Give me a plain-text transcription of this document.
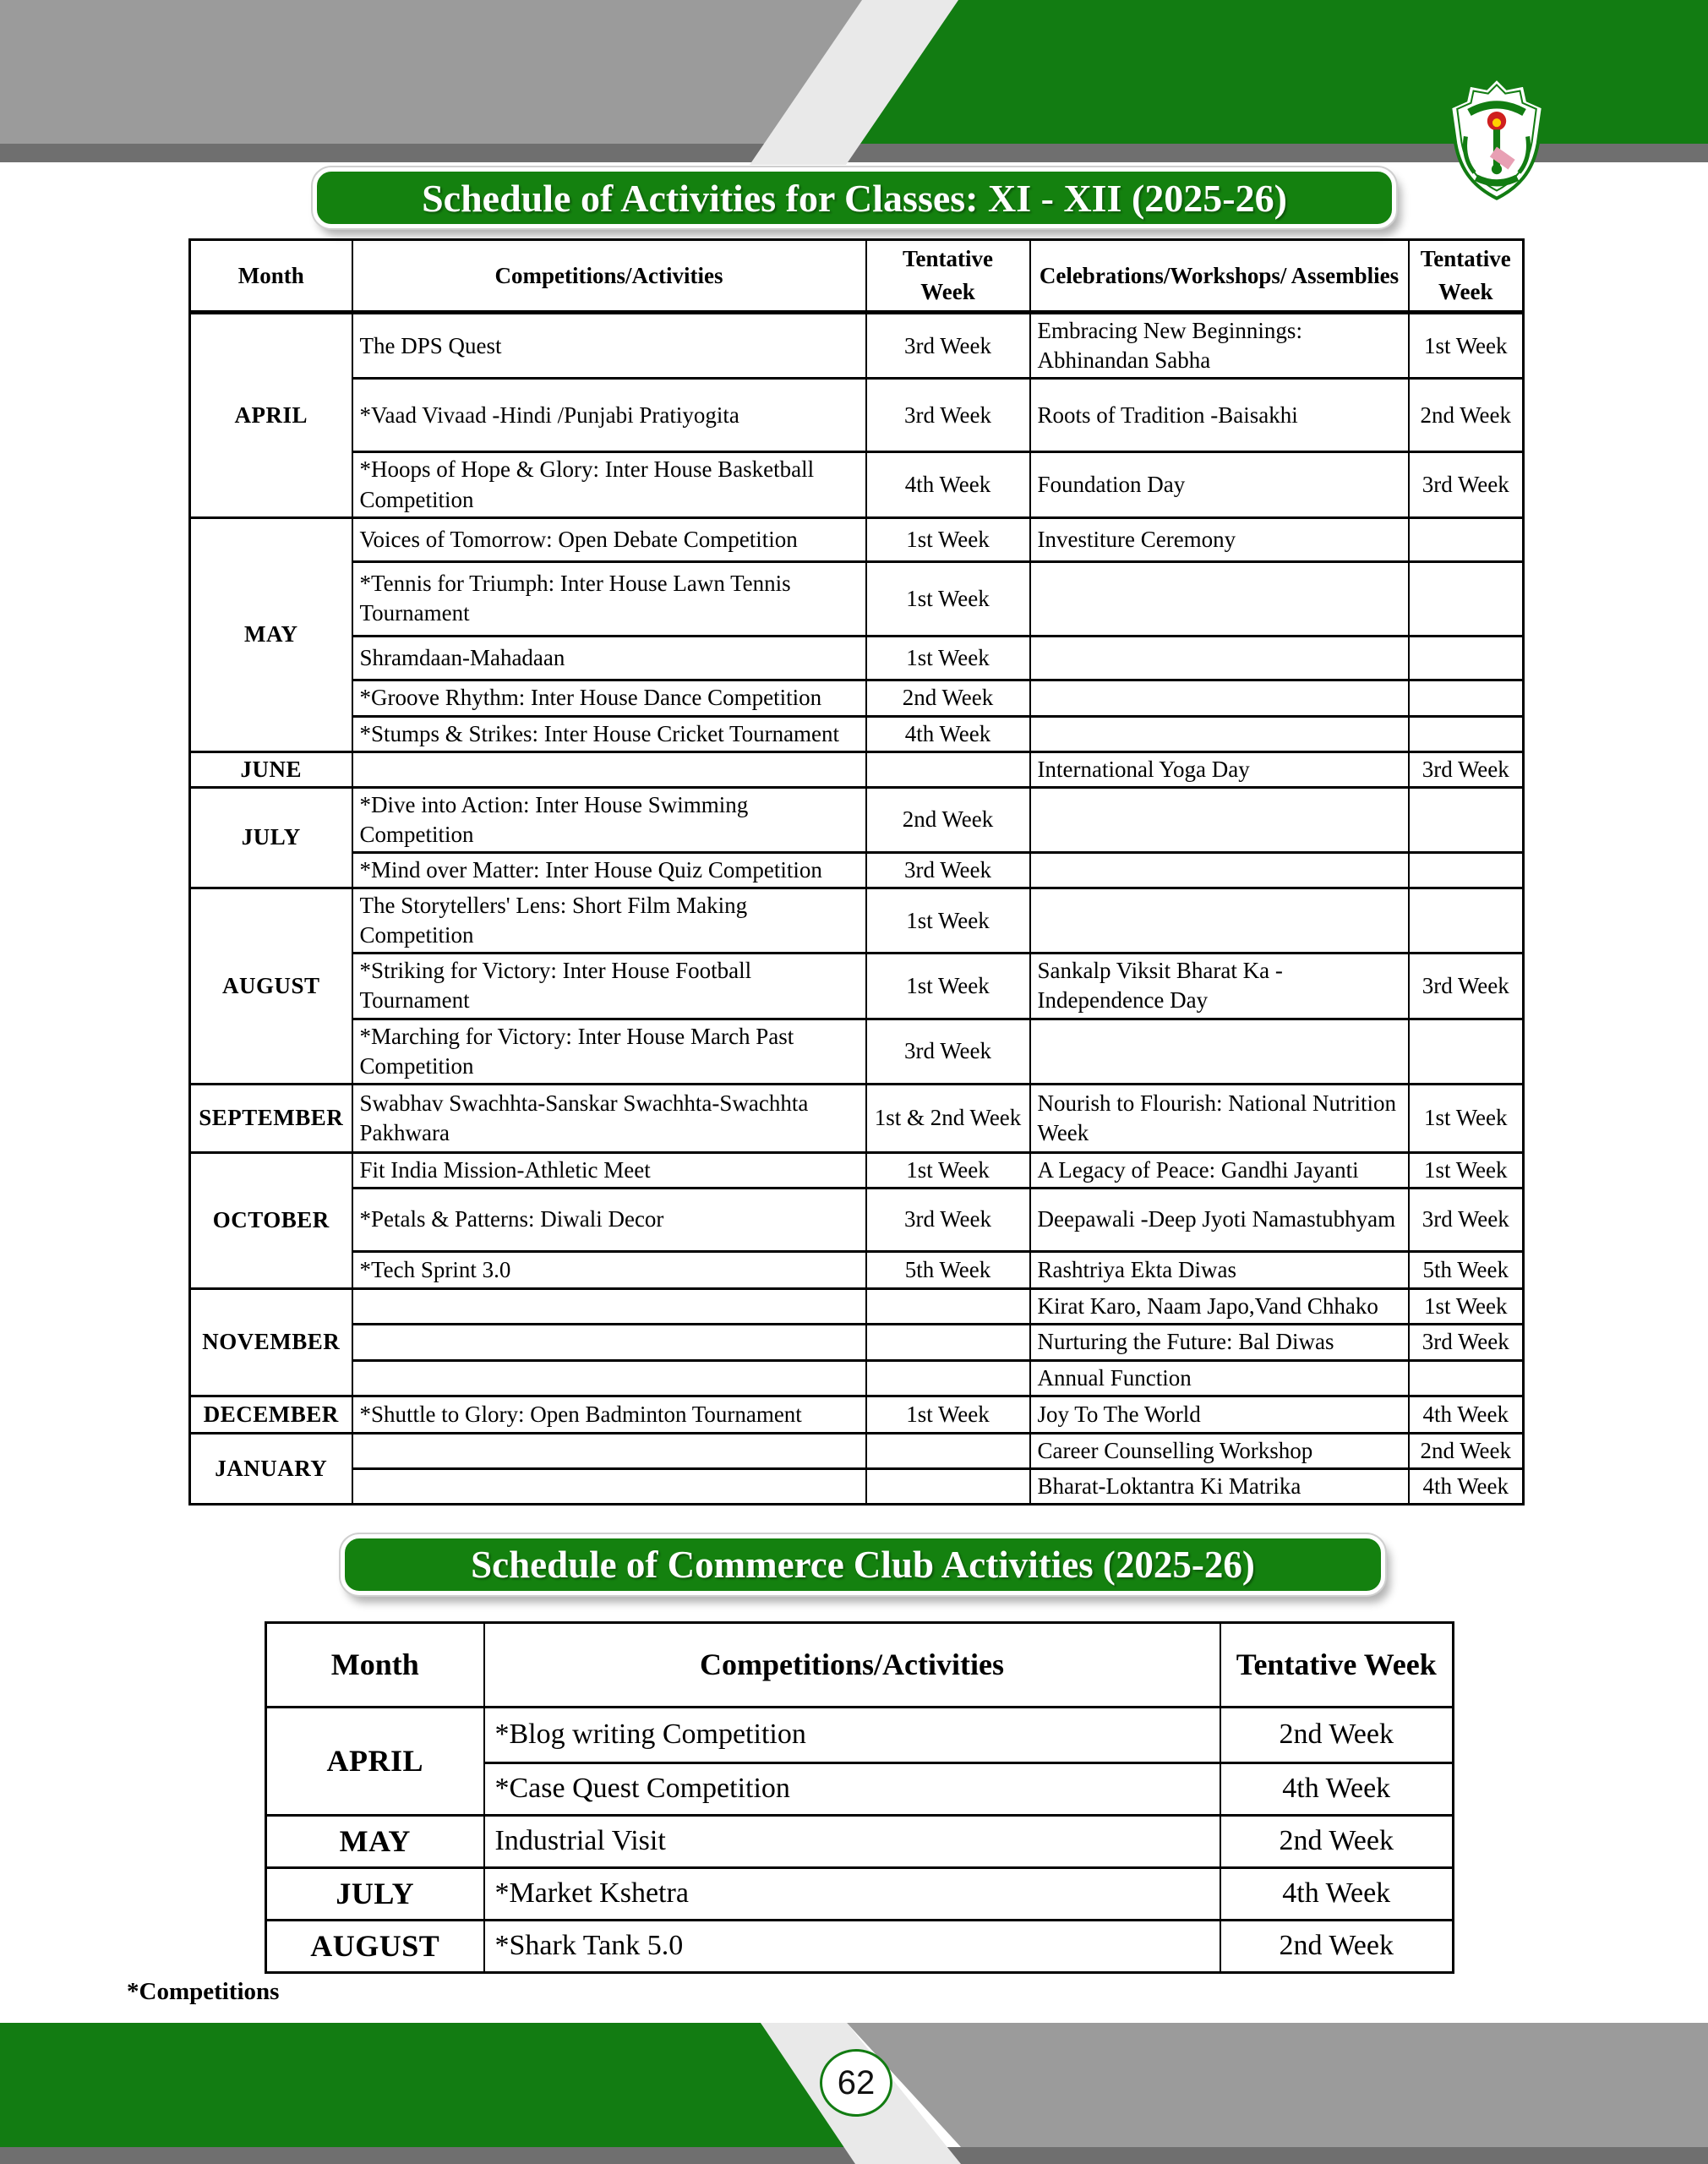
Schedule of Activities for Classes: XI - XII (2025-26)
Schedule of Commerce Club Activities (2025-26)
Month	Competitions/Activities	Tentative Week	Celebrations/Workshops/ Assemblies	Tentative Week
APRIL	The DPS Quest	3rd Week	Embracing New Beginnings: Abhinandan Sabha	1st Week
	*Vaad Vivaad -Hindi /Punjabi Pratiyogita	3rd Week	Roots of Tradition -Baisakhi	2nd Week
	*Hoops of Hope & Glory: Inter House Basketball Competition	4th Week	Foundation Day	3rd Week
MAY	Voices of Tomorrow: Open Debate Competition	1st Week	Investiture Ceremony	
	*Tennis for Triumph: Inter House Lawn Tennis Tournament	1st Week		
	Shramdaan-Mahadaan	1st Week		
	*Groove Rhythm: Inter House Dance Competition	2nd Week		
	*Stumps & Strikes: Inter House Cricket Tournament	4th Week		
JUNE			International Yoga Day	3rd Week
JULY	*Dive into Action: Inter House Swimming Competition	2nd Week		
	*Mind over Matter: Inter House Quiz Competition	3rd Week		
AUGUST	The Storytellers' Lens: Short Film Making Competition	1st Week		
	*Striking for Victory: Inter House Football Tournament	1st Week	Sankalp Viksit Bharat Ka - Independence Day	3rd Week
	*Marching for Victory: Inter House March Past Competition	3rd Week		
SEPTEMBER	Swabhav Swachhta-Sanskar Swachhta-Swachhta Pakhwara	1st & 2nd Week	Nourish to Flourish: National Nutrition Week	1st Week
OCTOBER	Fit India Mission-Athletic Meet	1st Week	A Legacy of Peace: Gandhi Jayanti	1st Week
	*Petals & Patterns: Diwali Decor	3rd Week	Deepawali -Deep Jyoti Namastubhyam	3rd Week
	*Tech Sprint 3.0	5th Week	Rashtriya Ekta Diwas	5th Week
NOVEMBER			Kirat Karo, Naam Japo,Vand Chhako	1st Week
			Nurturing the Future: Bal Diwas	3rd Week
			Annual Function	
DECEMBER	*Shuttle to Glory: Open Badminton Tournament	1st Week	Joy To The World	4th Week
JANUARY			Career Counselling Workshop	2nd Week
			Bharat-Loktantra Ki Matrika	4th Week
Month	Competitions/Activities	Tentative Week
APRIL	*Blog writing Competition	2nd Week
	*Case Quest Competition	4th Week
MAY	Industrial Visit	2nd Week
JULY	*Market Kshetra	4th Week
AUGUST	*Shark Tank 5.0	2nd Week
*Competitions
62
